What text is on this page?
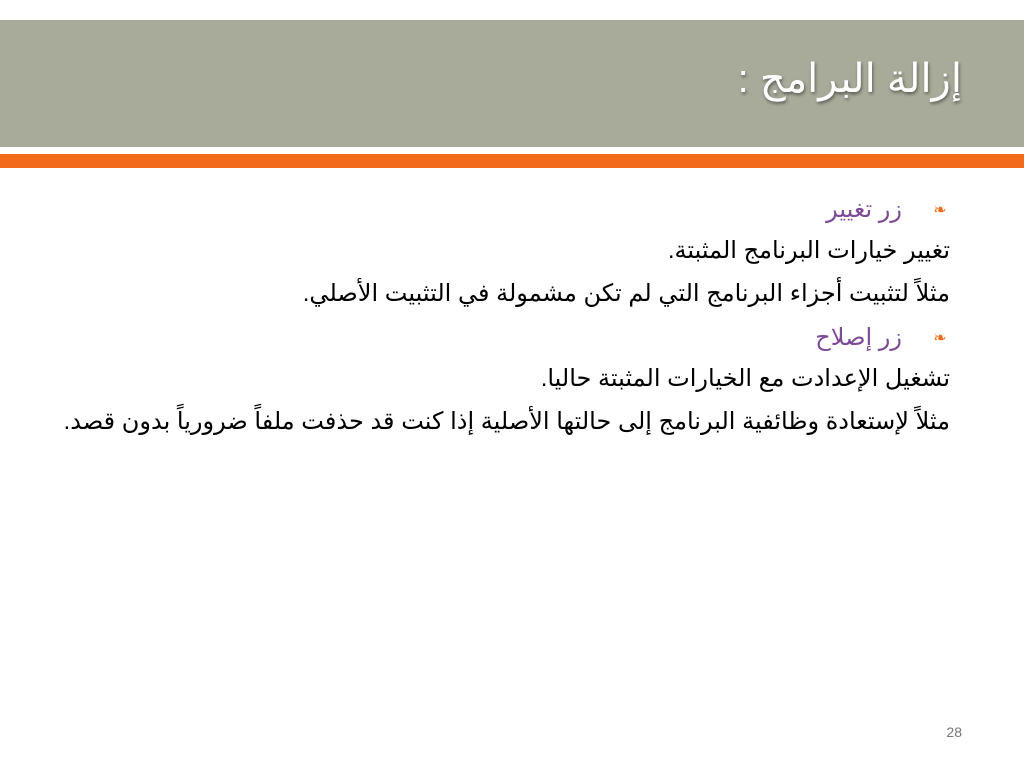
إزالة البرامج :
❧
زر تغيير
تغيير خيارات البرنامج المثبتة.
مثلاً لتثبيت أجزاء البرنامج التي لم تكن مشمولة في التثبيت الأصلي.
❧
زر إصلاح
تشغيل الإعدادت مع الخيارات المثبتة حاليا.
مثلاً لإستعادة وظائفية البرنامج إلى حالتها الأصلية إذا كنت قد حذفت ملفاً ضرورياً بدون قصد.
28
